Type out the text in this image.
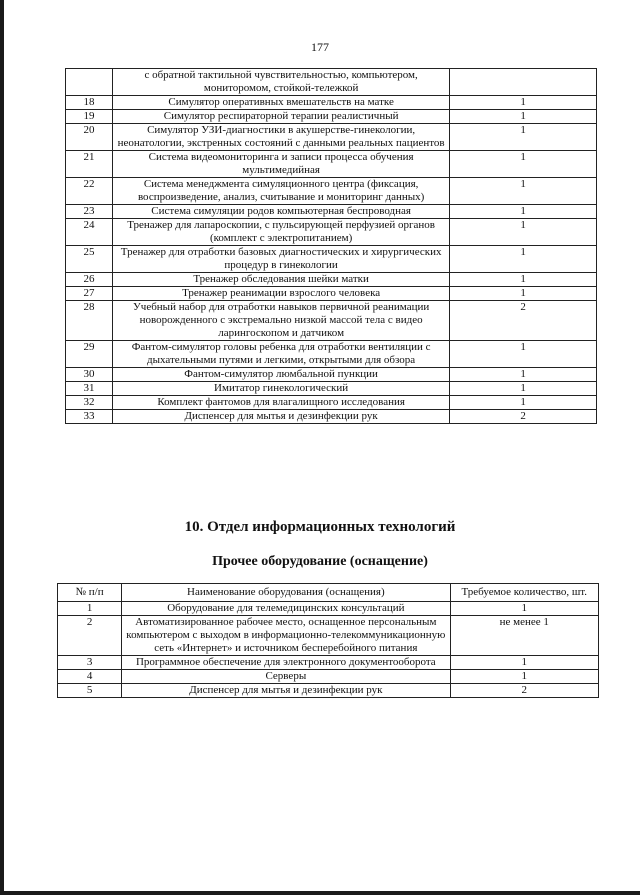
177
	с обратной тактильной чувствительностью, компьютером, мониторомом, стойкой-тележкой	
18	Симулятор оперативных вмешательств на матке	1
19	Симулятор респираторной терапии реалистичный	1
20	Симулятор УЗИ-диагностики в акушерстве-гинекологии, неонатологии, экстренных состояний с данными реальных пациентов	1
21	Система видеомониторинга и записи процесса обучения мультимедийная	1
22	Система менеджмента симуляционного центра (фиксация, воспроизведение, анализ, считывание и мониторинг данных)	1
23	Система симуляции родов компьютерная беспроводная	1
24	Тренажер для лапароскопии, с пульсирующей перфузией органов (комплект с электропитанием)	1
25	Тренажер для отработки базовых диагностических и хирургических процедур в гинекологии	1
26	Тренажер обследования шейки матки	1
27	Тренажер реанимации взрослого человека	1
28	Учебный набор для отработки навыков первичной реанимации новорожденного с экстремально низкой массой тела с видео ларингоскопом и датчиком	2
29	Фантом-симулятор головы ребенка для отработки вентиляции с дыхательными путями и легкими, открытыми для обзора	1
30	Фантом-симулятор люмбальной пункции	1
31	Имитатор гинекологический	1
32	Комплект фантомов для влагалищного исследования	1
33	Диспенсер для мытья и дезинфекции рук	2
10. Отдел информационных технологий
Прочее оборудование (оснащение)
№ п/п	Наименование оборудования (оснащения)	Требуемое количество, шт.
1	Оборудование для телемедицинских консультаций	1
2	Автоматизированное рабочее место, оснащенное персональным компьютером с выходом в информационно-телекоммуникационную сеть «Интернет» и источником бесперебойного питания	не менее 1
3	Программное обеспечение для электронного документооборота	1
4	Серверы	1
5	Диспенсер для мытья и дезинфекции рук	2
